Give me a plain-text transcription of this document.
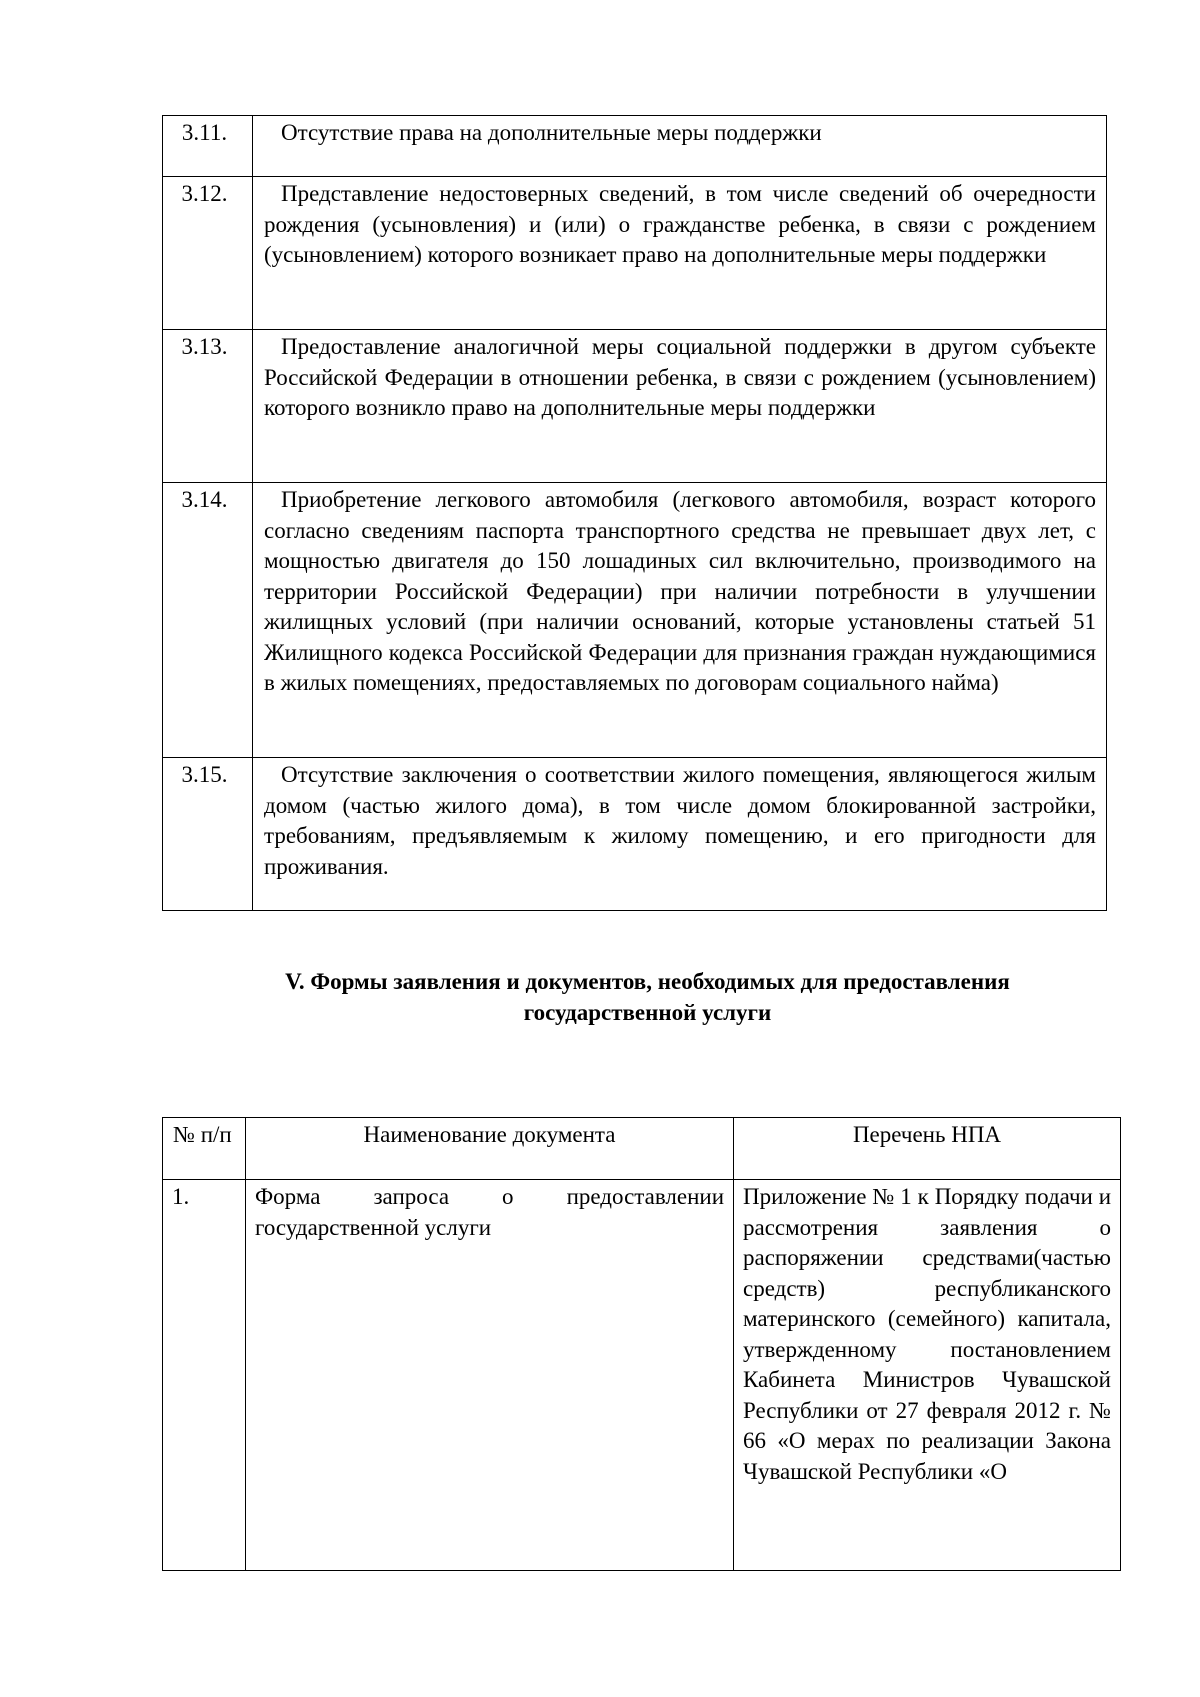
3.11.	Отсутствие права на дополнительные меры поддержки
3.12.	Представление недостоверных сведений, в том числе сведений об очередности рождения (усыновления) и (или) о гражданстве ребенка, в связи с рождением (усыновлением) которого возникает право на дополнительные меры поддержки
3.13.	Предоставление аналогичной меры социальной поддержки в другом субъекте Российской Федерации в отношении ребенка, в связи с рождением (усыновлением) которого возникло право на дополнительные меры поддержки
3.14.	Приобретение легкового автомобиля (легкового автомобиля, возраст которого согласно сведениям паспорта транспортного средства не превышает двух лет, с мощностью двигателя до 150 лошадиных сил включительно, производимого на территории Российской Федерации) при наличии потребности в улучшении жилищных условий (при наличии оснований, которые установлены статьей 51 Жилищного кодекса Российской Федерации для признания граждан нуждающимися в жилых помещениях, предоставляемых по договорам социального найма)
3.15.	Отсутствие заключения о соответствии жилого помещения, являющегося жилым домом (частью жилого дома), в том числе домом блокированной застройки, требованиям, предъявляемым к жилому помещению, и его пригодности для проживания.
V. Формы заявления и документов, необходимых для предоставления
государственной услуги
№ п/п	Наименование документа	Перечень НПА
1.	Форма запроса о предоставлении государственной услуги	Приложение № 1 к Порядку подачи и рассмотрения заявления о распоряжении средствами(частью средств) республиканского материнского (семейного) капитала, утвержденному постановлением Кабинета Министров Чувашской Республики от 27 февраля 2012 г. № 66 «О мерах по реализации Закона Чувашской Республики «О
